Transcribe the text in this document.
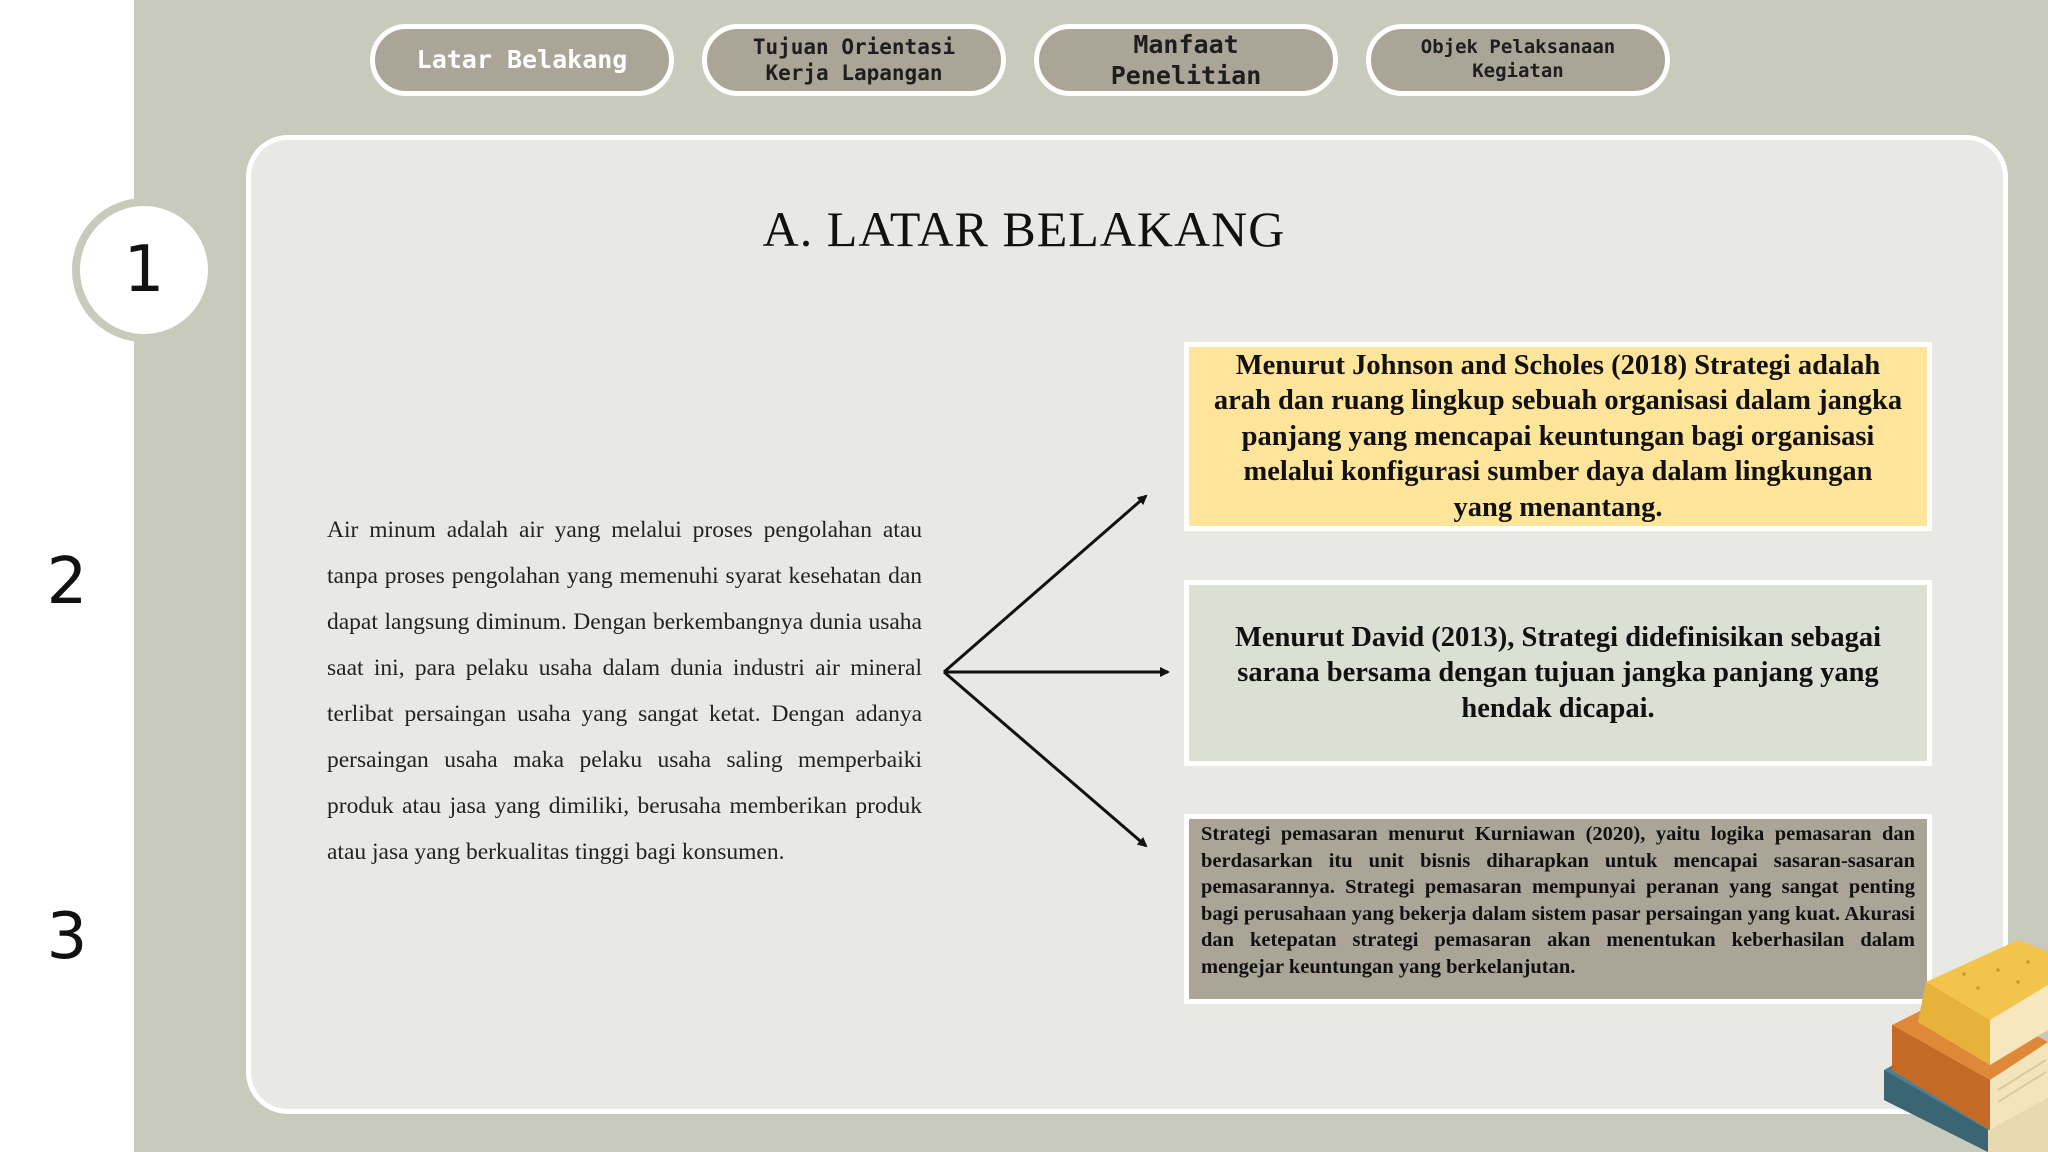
Latar Belakang	Tujuan Orientasi
Kerja Lapangan
Manfaat
Penelitian
Objek Pelaksanaan
Kegiatan
1
2
3
A. LATAR BELAKANG
Air minum adalah air yang melalui proses pengolahan atau tanpa proses pengolahan yang memenuhi syarat kesehatan dan dapat langsung diminum. Dengan berkembangnya dunia usaha saat ini, para pelaku usaha dalam dunia industri air mineral terlibat persaingan usaha yang sangat ketat. Dengan adanya persaingan usaha maka pelaku usaha saling memperbaiki produk atau jasa yang dimiliki, berusaha memberikan produk atau jasa yang berkualitas tinggi bagi konsumen.
Menurut Johnson and Scholes (2018) Strategi adalah arah dan ruang lingkup sebuah organisasi dalam jangka panjang yang mencapai keuntungan bagi organisasi melalui konfigurasi sumber daya dalam lingkungan yang menantang.
Menurut David (2013), Strategi didefinisikan sebagai sarana bersama dengan tujuan jangka panjang yang hendak dicapai.
Strategi pemasaran menurut Kurniawan (2020), yaitu logika pemasaran dan berdasarkan itu unit bisnis diharapkan untuk mencapai sasaran-sasaran pemasarannya. Strategi pemasaran mempunyai peranan yang sangat penting bagi perusahaan yang bekerja dalam sistem pasar persaingan yang kuat. Akurasi dan ketepatan strategi pemasaran akan menentukan keberhasilan dalam mengejar keuntungan yang berkelanjutan.
